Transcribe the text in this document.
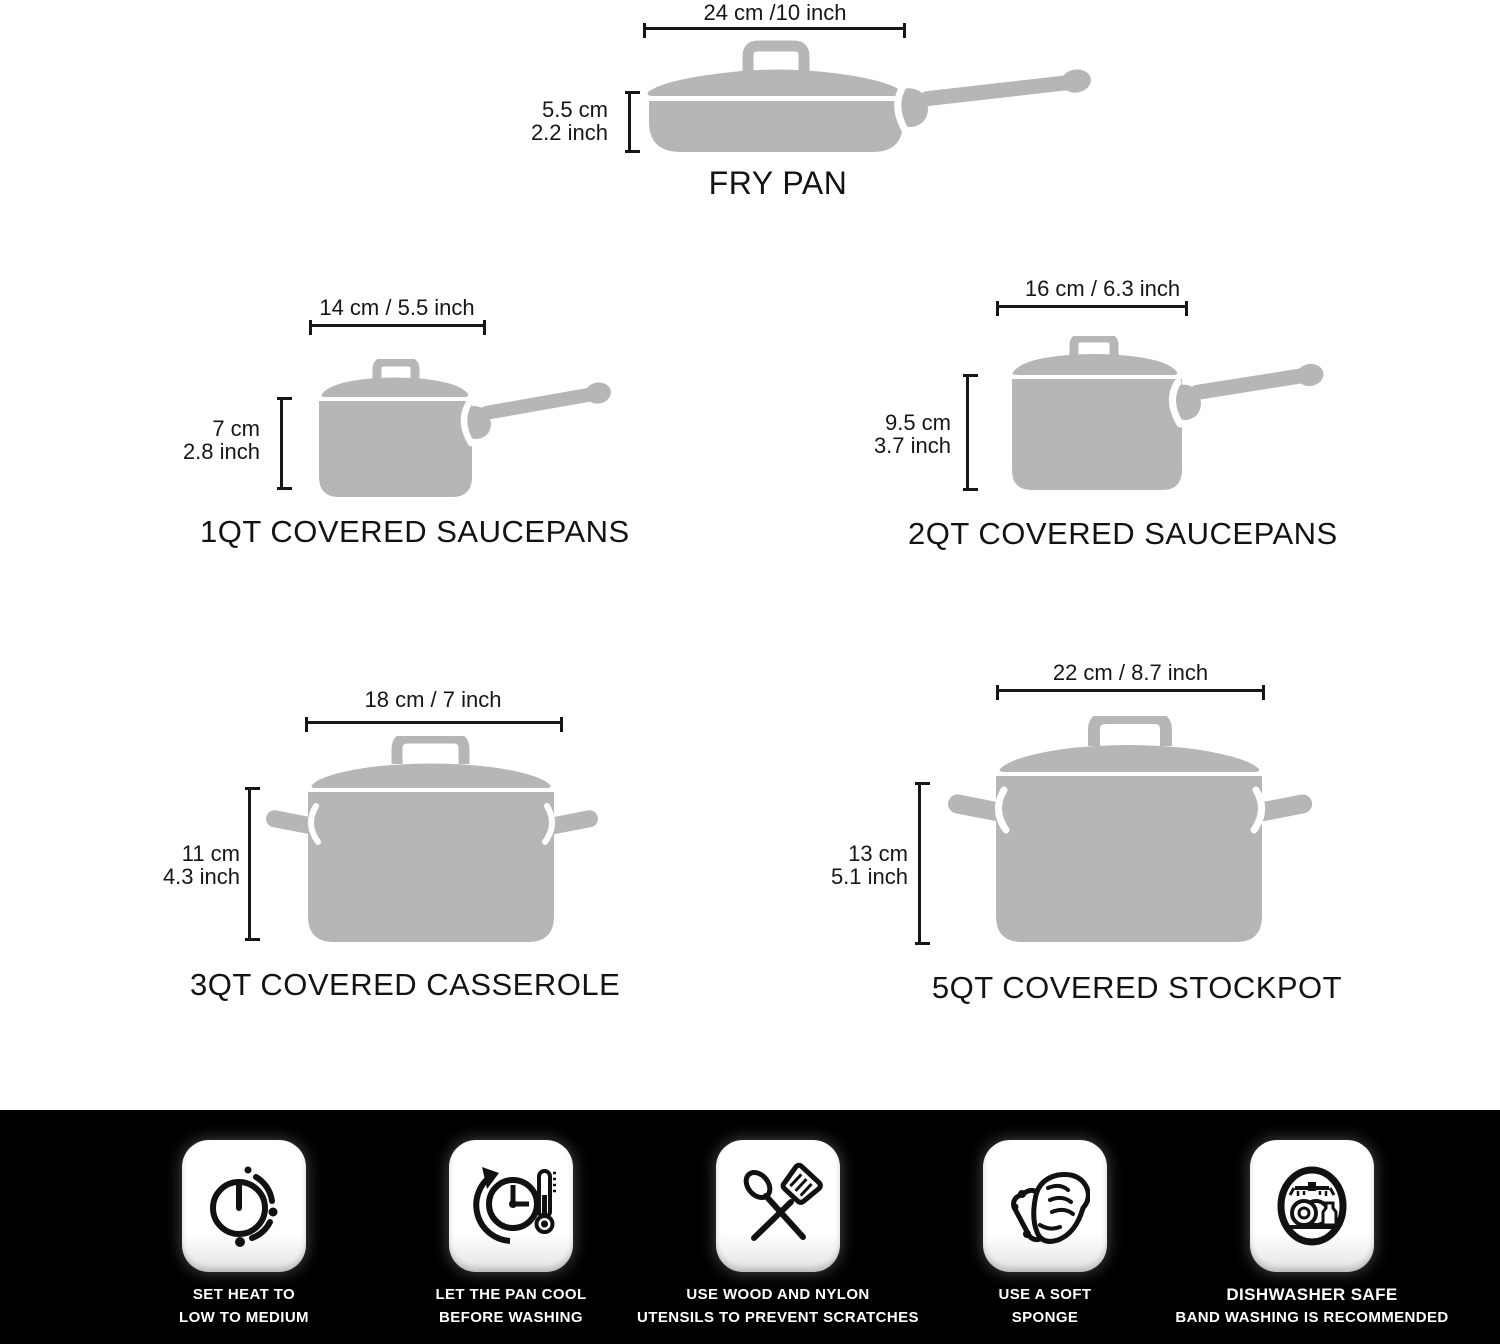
24 cm /10 inch
5.5 cm
2.2 inch
FRY PAN
14 cm / 5.5 inch
7 cm
2.8 inch
1QT COVERED SAUCEPANS
16 cm / 6.3 inch
9.5 cm
3.7 inch
2QT COVERED SAUCEPANS
18 cm / 7 inch
11 cm
4.3 inch
3QT COVERED CASSEROLE
22 cm / 8.7 inch
13 cm
5.1 inch
5QT COVERED STOCKPOT
SET HEAT TO
LOW TO MEDIUM
LET THE PAN COOL
BEFORE WASHING
USE WOOD AND NYLON
UTENSILS TO PREVENT SCRATCHES
USE A SOFT
SPONGE
DISHWASHER SAFE
BAND WASHING IS RECOMMENDED
